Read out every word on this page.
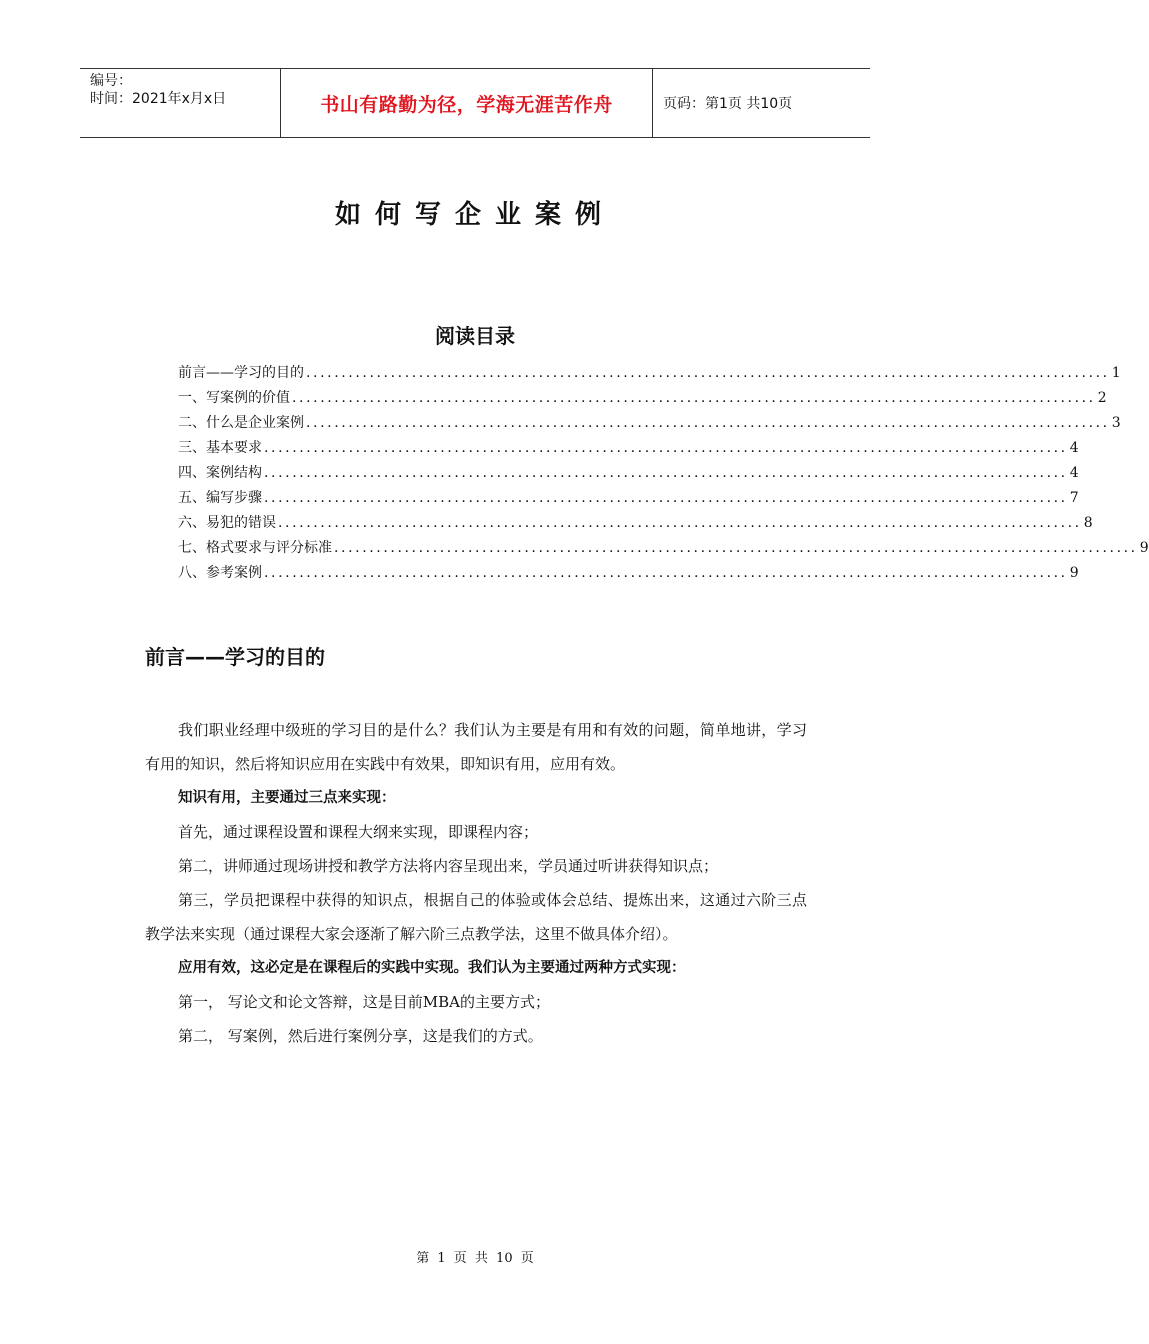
编号：
时间：2021年x月x日	书山有路勤为径，学海无涯苦作舟	页码：第1页 共10页
如何写企业案例
阅读目录
前言——学习的目的 .................................................................................................................. 1
一、写案例的价值 .................................................................................................................. 2
二、什么是企业案例 .................................................................................................................. 3
三、基本要求 .................................................................................................................. 4
四、案例结构 .................................................................................................................. 4
五、编写步骤 .................................................................................................................. 7
六、易犯的错误 .................................................................................................................. 8
七、格式要求与评分标准 .................................................................................................................. 9
八、参考案例 .................................................................................................................. 9
前言——学习的目的

我们职业经理中级班的学习目的是什么？我们认为主要是有用和有效的问题，简单地讲，学习有用的知识，然后将知识应用在实践中有效果，即知识有用，应用有效。

知识有用，主要通过三点来实现：

首先，通过课程设置和课程大纲来实现，即课程内容；

第二，讲师通过现场讲授和教学方法将内容呈现出来，学员通过听讲获得知识点；

第三，学员把课程中获得的知识点，根据自己的体验或体会总结、提炼出来，这通过六阶三点教学法来实现（通过课程大家会逐渐了解六阶三点教学法，这里不做具体介绍）。

应用有效，这必定是在课程后的实践中实现。我们认为主要通过两种方式实现：

第一， 写论文和论文答辩，这是目前MBA的主要方式；

第二， 写案例，然后进行案例分享，这是我们的方式。

第 1 页 共 10 页
